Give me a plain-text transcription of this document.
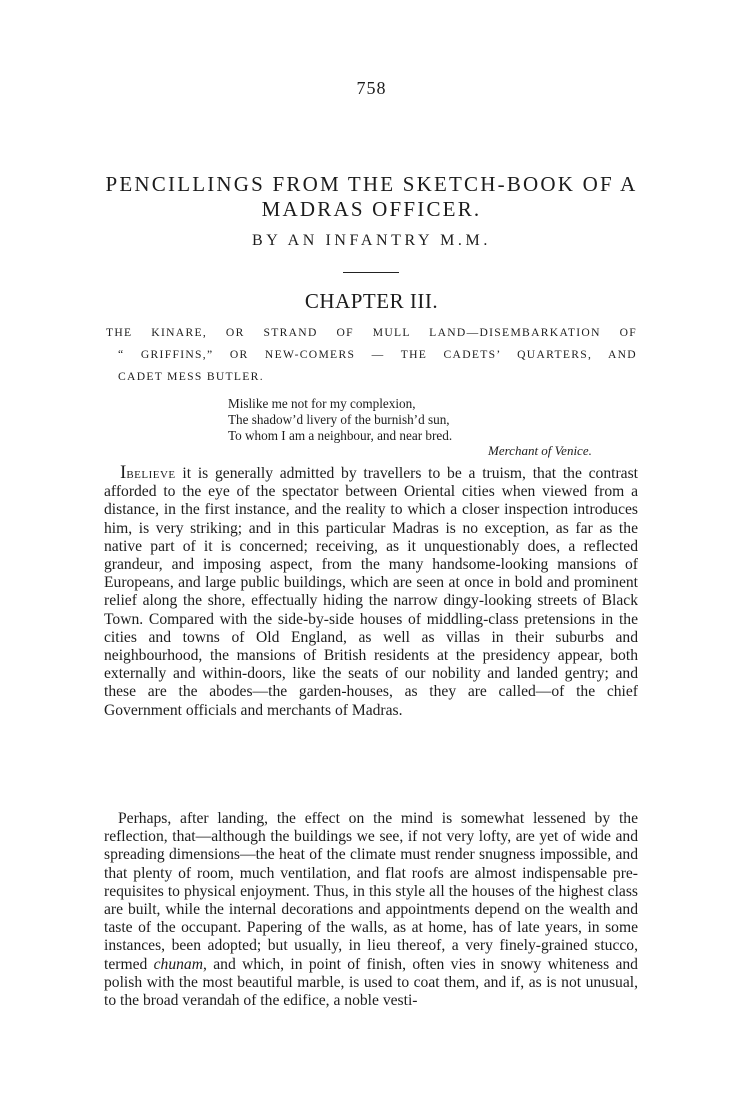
758
PENCILLINGS FROM THE SKETCH-BOOK OF A
MADRAS OFFICER.
BY AN INFANTRY M.M.
CHAPTER III.
THE KINARE, OR STRAND OF MULL LAND—DISEMBARKATION OF
“ GRIFFINS,” OR NEW-COMERS — THE CADETS’ QUARTERS, AND
CADET MESS BUTLER.
Mislike me not for my complexion,
The shadow’d livery of the burnish’d sun,
To whom I am a neighbour, and near bred.
Merchant of Venice.
Ibelieve it is generally admitted by travellers to be a truism, that the contrast afforded to the eye of the spectator between Oriental cities when viewed from a distance, in the first instance, and the reality to which a closer inspection introduces him, is very striking; and in this particular Madras is no exception, as far as the native part of it is concerned; receiving, as it unquestionably does, a reflected grandeur, and imposing aspect, from the many handsome-looking mansions of Europeans, and large public buildings, which are seen at once in bold and prominent relief along the shore, effectually hiding the narrow dingy-looking streets of Black Town. Compared with the side-by-side houses of middling-class pretensions in the cities and towns of Old England, as well as villas in their suburbs and neighbourhood, the mansions of British residents at the presidency appear, both externally and within-doors, like the seats of our nobility and landed gentry; and these are the abodes—the garden-houses, as they are called—of the chief Government officials and merchants of Madras.
Perhaps, after landing, the effect on the mind is somewhat lessened by the reflection, that—although the buildings we see, if not very lofty, are yet of wide and spreading dimensions—the heat of the climate must render snugness impossible, and that plenty of room, much ventilation, and flat roofs are almost indispensable pre-requisites to physical enjoyment. Thus, in this style all the houses of the highest class are built, while the internal decorations and appointments depend on the wealth and taste of the occupant. Papering of the walls, as at home, has of late years, in some instances, been adopted; but usually, in lieu thereof, a very finely-grained stucco, termed chunam, and which, in point of finish, often vies in snowy whiteness and polish with the most beautiful marble, is used to coat them, and if, as is not unusual, to the broad verandah of the edifice, a noble vesti-
